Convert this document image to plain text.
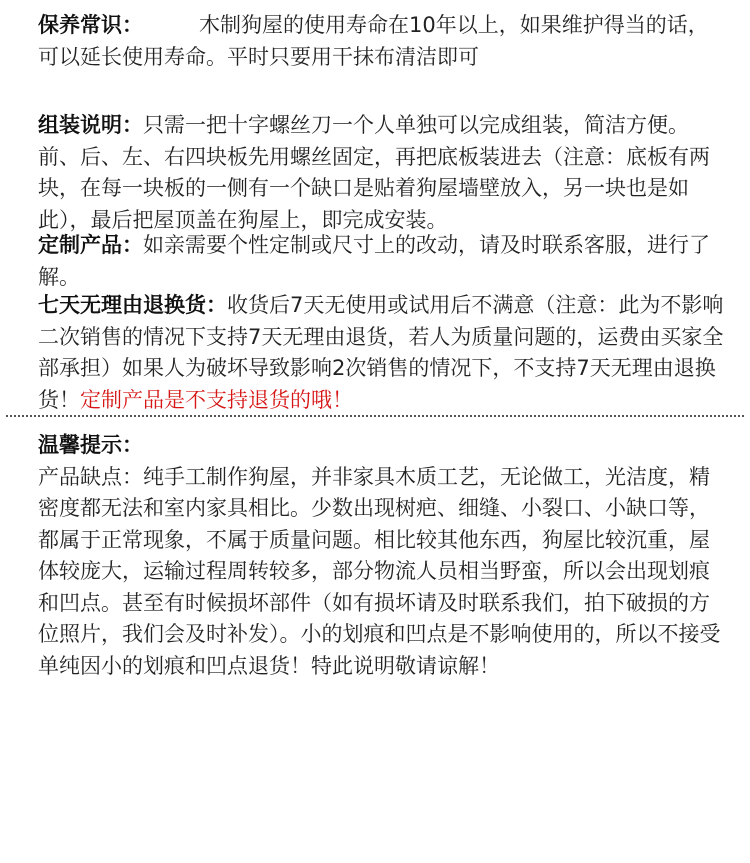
保养常识：	木制狗屋的使用寿命在10年以上，如果维护得当的话，可以延长使用寿命。平时只要用干抹布清洁即可

组装说明：只需一把十字螺丝刀一个人单独可以完成组装，简洁方便。前、后、左、右四块板先用螺丝固定，再把底板装进去（注意：底板有两块，在每一块板的一侧有一个缺口是贴着狗屋墙壁放入，另一块也是如此），最后把屋顶盖在狗屋上，即完成安装。

定制产品：如亲需要个性定制或尺寸上的改动，请及时联系客服，进行了解。

七天无理由退换货：收货后7天无使用或试用后不满意（注意：此为不影响二次销售的情况下支持7天无理由退货，若人为质量问题的，运费由买家全部承担）如果人为破坏导致影响2次销售的情况下，不支持7天无理由退换货！定制产品是不支持退货的哦！

温馨提示：

产品缺点：纯手工制作狗屋，并非家具木质工艺，无论做工，光洁度，精密度都无法和室内家具相比。少数出现树疤、细缝、小裂口、小缺口等，都属于正常现象，不属于质量问题。相比较其他东西，狗屋比较沉重，屋体较庞大，运输过程周转较多，部分物流人员相当野蛮，所以会出现划痕和凹点。甚至有时候损坏部件（如有损坏请及时联系我们，拍下破损的方位照片，我们会及时补发）。小的划痕和凹点是不影响使用的，所以不接受单纯因小的划痕和凹点退货！特此说明敬请谅解！
